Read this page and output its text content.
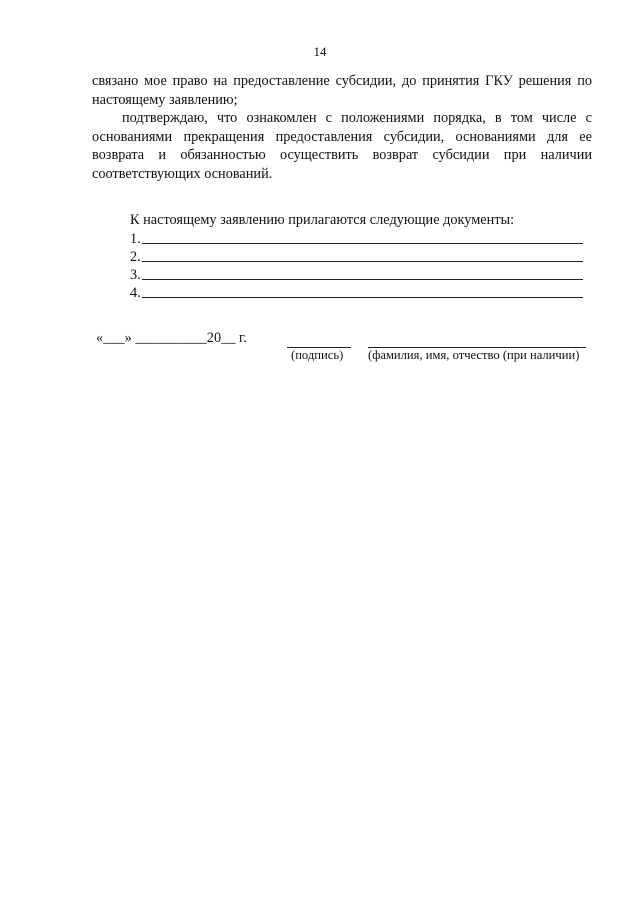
14

связано мое право на предоставление субсидии, до принятия ГКУ решения по настоящему заявлению;

подтверждаю, что ознакомлен с положениями порядка, в том числе с основаниями прекращения предоставления субсидии, основаниями для ее возврата и обязанностью осуществить возврат субсидии при наличии соответствующих оснований.

К настоящему заявлению прилагаются следующие документы:
1.
2.
3.
4.
«___» __________20__ г.
(подпись) (фамилия, имя, отчество (при наличии)
